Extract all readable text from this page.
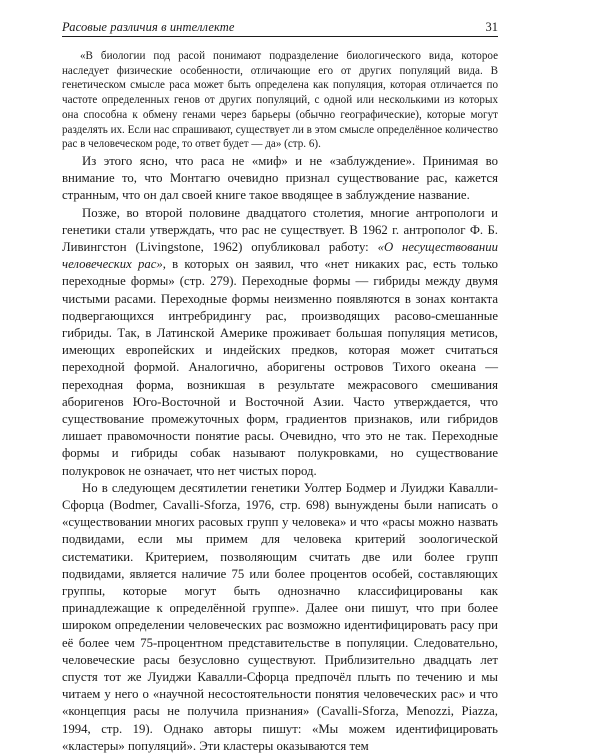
Расовые различия в интеллекте	31

«В биологии под расой понимают подразделение биологического вида, которое наследует физические особенности, отличающие его от других популяций вида. В генетическом смысле раса может быть определена как популяция, которая отличается по частоте определенных генов от других популяций, с одной или несколькими из которых она способна к обмену генами через барьеры (обычно географические), которые могут разделять их. Если нас спрашивают, существует ли в этом смысле определённое количество рас в человеческом роде, то ответ будет — да» (стр. 6).

Из этого ясно, что раса не «миф» и не «заблуждение». Принимая во внимание то, что Монтагю очевидно признал существование рас, кажется странным, что он дал своей книге такое вводящее в заблуждение название.

Позже, во второй половине двадцатого столетия, многие антропологи и генетики стали утверждать, что рас не существует. В 1962 г. антрополог Ф. Б. Ливингстон (Livingstone, 1962) опубликовал работу: «О несуществовании человеческих рас», в которых он заявил, что «нет никаких рас, есть только переходные формы» (стр. 279). Переходные формы — гибриды между двумя чистыми расами. Переходные формы неизменно появляются в зонах контакта подвергающихся интребридингу рас, производящих расово-смешанные гибриды. Так, в Латинской Америке проживает большая популяция метисов, имеющих европейских и индейских предков, которая может считаться переходной формой. Аналогично, аборигены островов Тихого океана — переходная форма, возникшая в результате межрасового смешивания аборигенов Юго-Восточной и Восточной Азии. Часто утверждается, что существование промежуточных форм, градиентов признаков, или гибридов лишает правомочности понятие расы. Очевидно, что это не так. Переходные формы и гибриды собак называют полукровками, но существование полукровок не означает, что нет чистых пород.

Но в следующем десятилетии генетики Уолтер Бодмер и Луиджи Кавалли-Сфорца (Bodmer, Cavalli-Sforza, 1976, стр. 698) вынуждены были написать о «существовании многих расовых групп у человека» и что «расы можно назвать подвидами, если мы примем для человека критерий зоологической систематики. Критерием, позволяющим считать две или более групп подвидами, является наличие 75 или более процентов особей, составляющих группы, которые могут быть однозначно классифицированы как принадлежащие к определённой группе». Далее они пишут, что при более широком определении человеческих рас возможно идентифицировать расу при её более чем 75-процентном представительстве в популяции. Следовательно, человеческие расы безусловно существуют. Приблизительно двадцать лет спустя тот же Луиджи Кавалли-Сфорца предпочёл плыть по течению и мы читаем у него о «научной несостоятельности понятия человеческих рас» и что «концепция расы не получила признания» (Cavalli-Sforza, Menozzi, Piazza, 1994, стр. 19). Однако авторы пишут: «Мы можем идентифицировать «кластеры» популяций». Эти кластеры оказываются тем
